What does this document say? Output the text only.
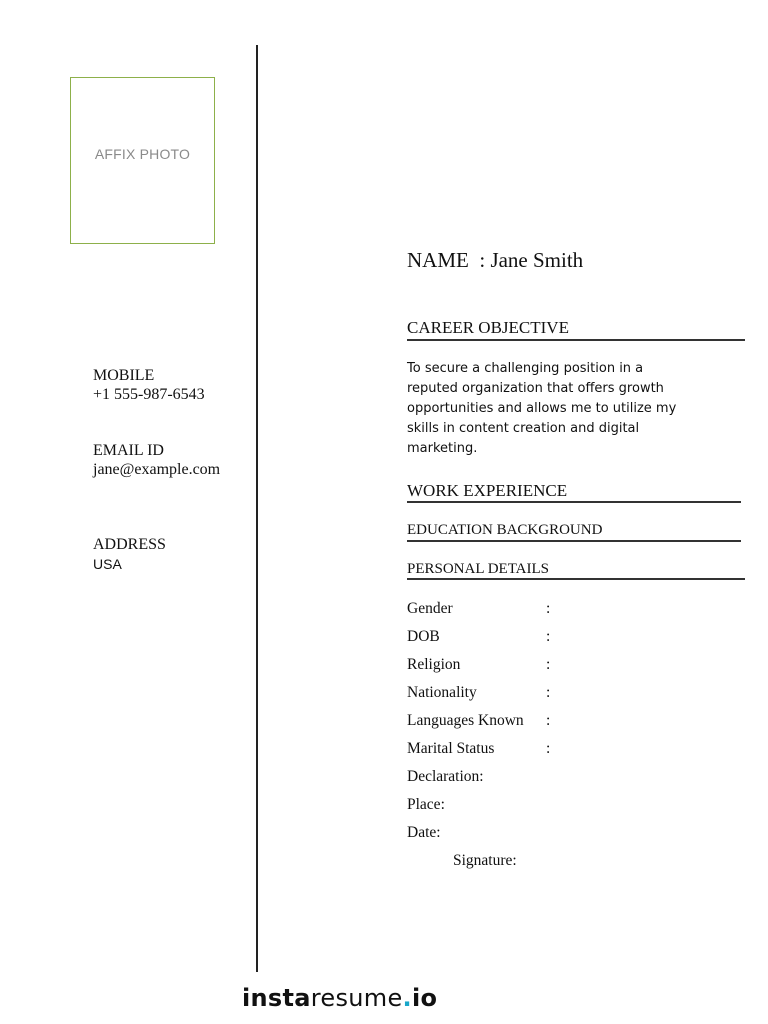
AFFIX PHOTO
MOBILE
+1 555-987-6543
EMAIL ID
jane@example.com
ADDRESS
USA
NAME : Jane Smith
CAREER OBJECTIVE
To secure a challenging position in a reputed organization that offers growth opportunities and allows me to utilize my skills in content creation and digital marketing.
WORK EXPERIENCE
EDUCATION BACKGROUND
PERSONAL DETAILS
Gender	:
DOB	:
Religion	:
Nationality	:
Languages Known :
Marital Status	:
Declaration:
Place:
Date:
Signature:
instaresume.io
